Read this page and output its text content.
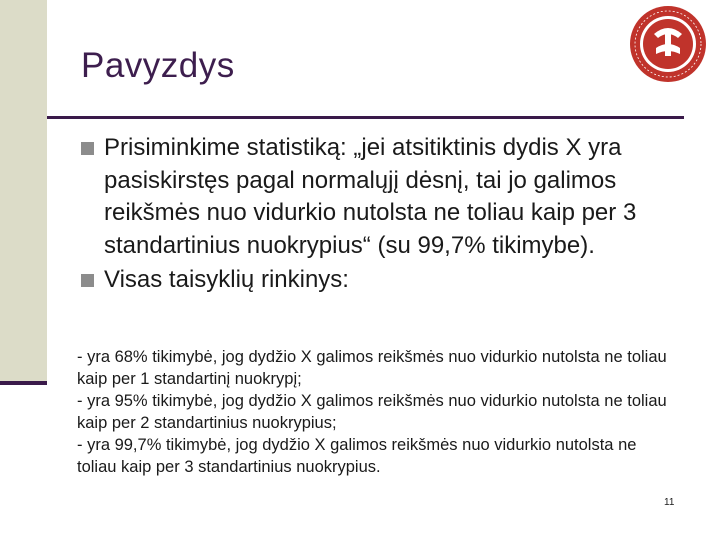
Pavyzdys
Prisiminkime statistiką: „jei atsitiktinis dydis X yra pasiskirstęs pagal normalųjį dėsnį, tai jo galimos reikšmės nuo vidurkio nutolsta ne toliau kaip per 3 standartinius nuokrypius“ (su 99,7% tikimybe).
Visas taisyklių rinkinys:

- yra 68% tikimybė, jog dydžio X galimos reikšmės nuo vidurkio nutolsta ne toliau kaip per 1 standartinį nuokrypį;

- yra 95% tikimybė, jog dydžio X galimos reikšmės nuo vidurkio nutolsta ne toliau kaip per 2 standartinius nuokrypius;

- yra 99,7% tikimybė, jog dydžio X galimos reikšmės nuo vidurkio nutolsta ne toliau kaip per 3 standartinius nuokrypius.

11
